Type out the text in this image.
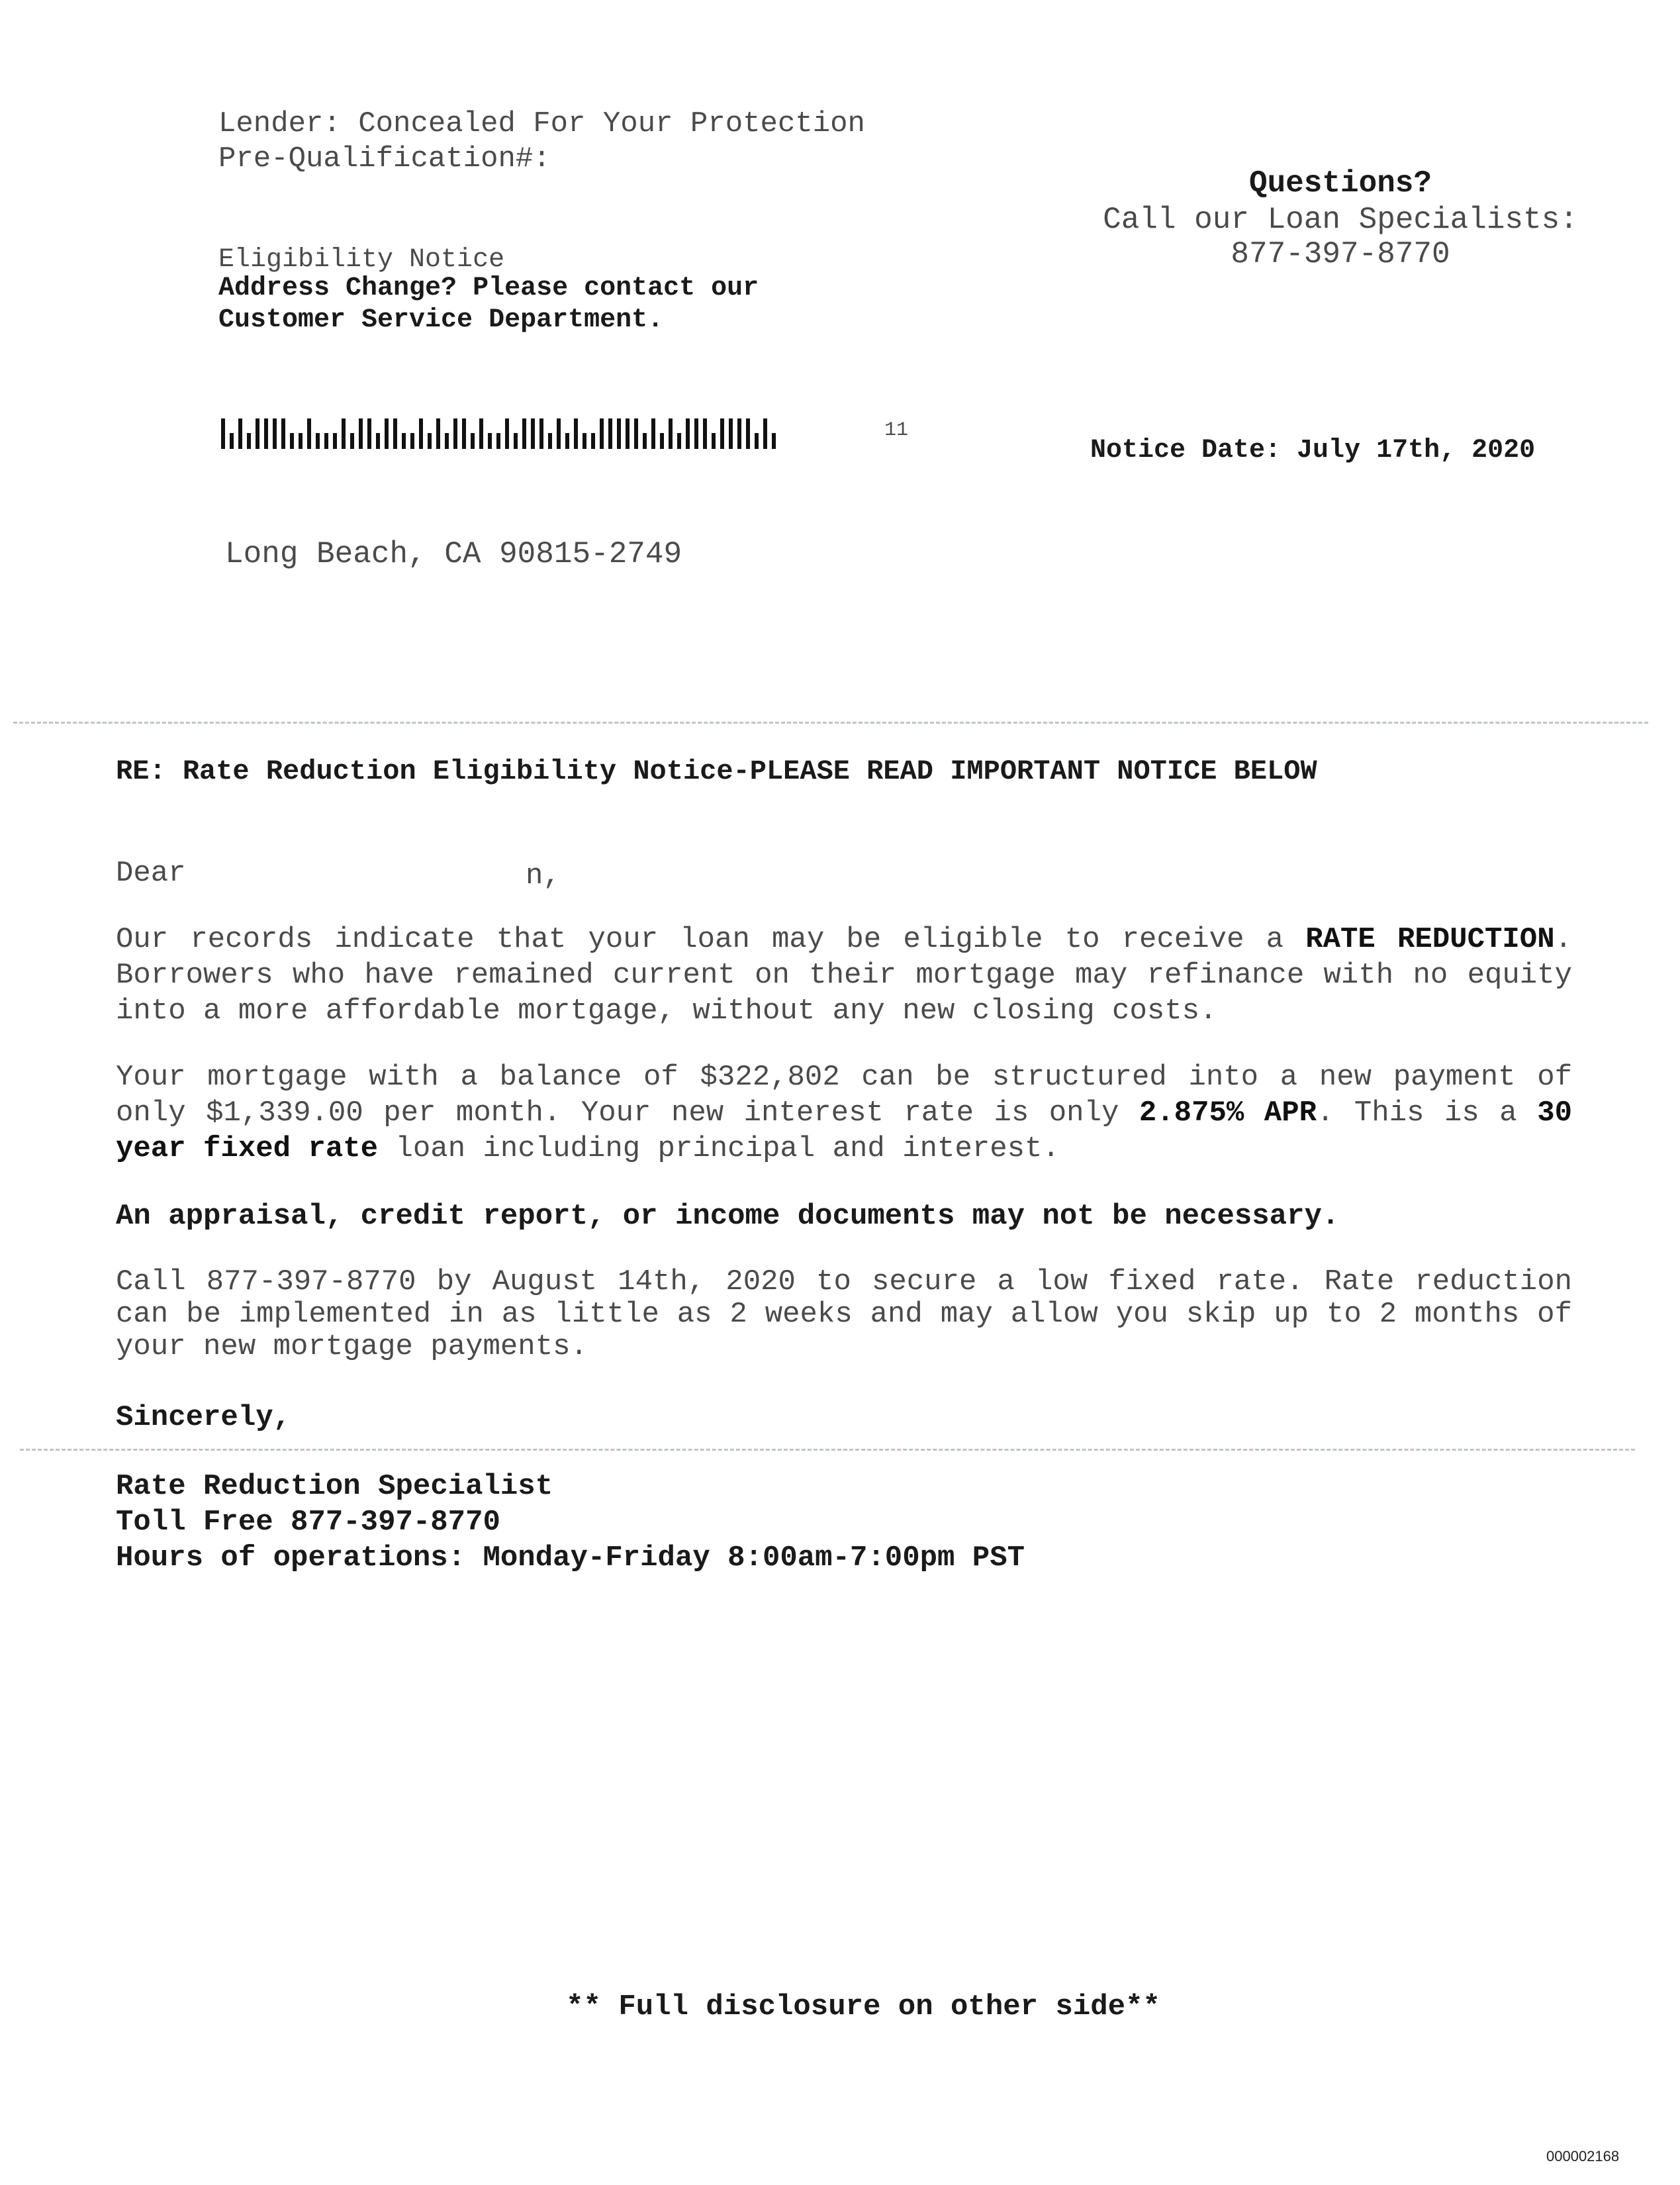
Lender: Concealed For Your Protection
Pre-Qualification#:
Eligibility Notice
Address Change? Please contact our
Customer Service Department.
Questions?
Call our Loan Specialists:
877-397-8770
11
Notice Date: July 17th, 2020
Long Beach, CA 90815-2749
RE: Rate Reduction Eligibility Notice-PLEASE READ IMPORTANT NOTICE BELOW
Dear	n,
Our records indicate that your loan may be eligible to receive a RATE REDUCTION. Borrowers who have remained current on their mortgage may refinance with no equity into a more affordable mortgage, without any new closing costs.
Your mortgage with a balance of $322,802 can be structured into a new payment of only $1,339.00 per month. Your new interest rate is only 2.875% APR. This is a 30 year fixed rate loan including principal and interest.
An appraisal, credit report, or income documents may not be necessary.
Call 877-397-8770 by August 14th, 2020 to secure a low fixed rate. Rate reduction can be implemented in as little as 2 weeks and may allow you skip up to 2 months of your new mortgage payments.
Sincerely,
Rate Reduction Specialist
Toll Free 877-397-8770
Hours of operations: Monday-Friday 8:00am-7:00pm PST
** Full disclosure on other side**
000002168
